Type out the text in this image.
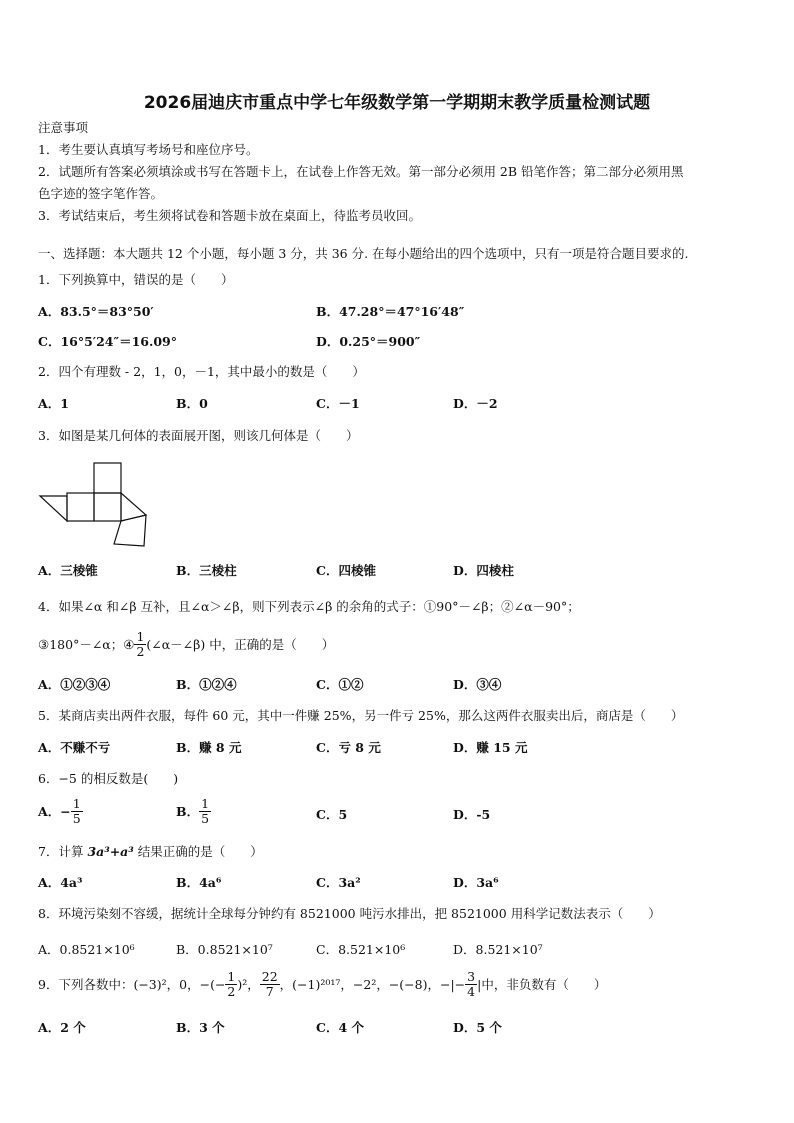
2026届迪庆市重点中学七年级数学第一学期期末教学质量检测试题
注意事项
1．考生要认真填写考场号和座位序号。
2．试题所有答案必须填涂或书写在答题卡上，在试卷上作答无效。第一部分必须用 2B 铅笔作答；第二部分必须用黑
色字迹的签字笔作答。
3．考试结束后，考生须将试卷和答题卡放在桌面上，待监考员收回。
一、选择题：本大题共 12 个小题，每小题 3 分，共 36 分. 在每小题给出的四个选项中，只有一项是符合题目要求的.
1．下列换算中，错误的是（　　）
A．83.5°＝83°50′	B．47.28°＝47°16′48″
C．16°5′24″＝16.09°	D．0.25°＝900″
2．四个有理数 - 2，1，0，－1，其中最小的数是（　　）
A．1	B．0	C．－1	D．－2
3．如图是某几何体的表面展开图，则该几何体是（　　）
A．三棱锥	B．三棱柱	C．四棱锥	D．四棱柱
4．如果∠α 和∠β 互补，且∠α＞∠β，则下列表示∠β 的余角的式子：①90°－∠β；②∠α－90°；
③180°－∠α；④ $\frac{1}{2}$ (∠α－∠β) 中，正确的是（　　）
A．①②③④	B．①②④	C．①②	D．③④
5．某商店卖出两件衣服，每件 60 元，其中一件赚 25%，另一件亏 25%，那么这两件衣服卖出后，商店是（　　）
A．不赚不亏	B．赚 8 元	C．亏 8 元	D．赚 15 元
6．−5 的相反数是(　　)
A． − $\frac{1}{5}$	B． $\frac{1}{5}$	C．5	D．-5
7．计算 3a³+a³ 结果正确的是（　　）
A．4a³	B．4a⁶	C．3a²	D．3a⁶
8．环境污染刻不容缓，据统计全球每分钟约有 8521000 吨污水排出，把 8521000 用科学记数法表示（　　）
A．0.8521×10⁶	B．0.8521×10⁷	C．8.521×10⁶	D．8.521×10⁷
9．下列各数中：(−3)²，0，−(− $\frac{1}{2} )^2$， $\frac{22}{7}$ ，(−1)²⁰¹⁷，−2²，−(−8)，−|− $\frac{3}{4}$ |中，非负数有（　　）
A．2 个	B．3 个	C．4 个	D．5 个
